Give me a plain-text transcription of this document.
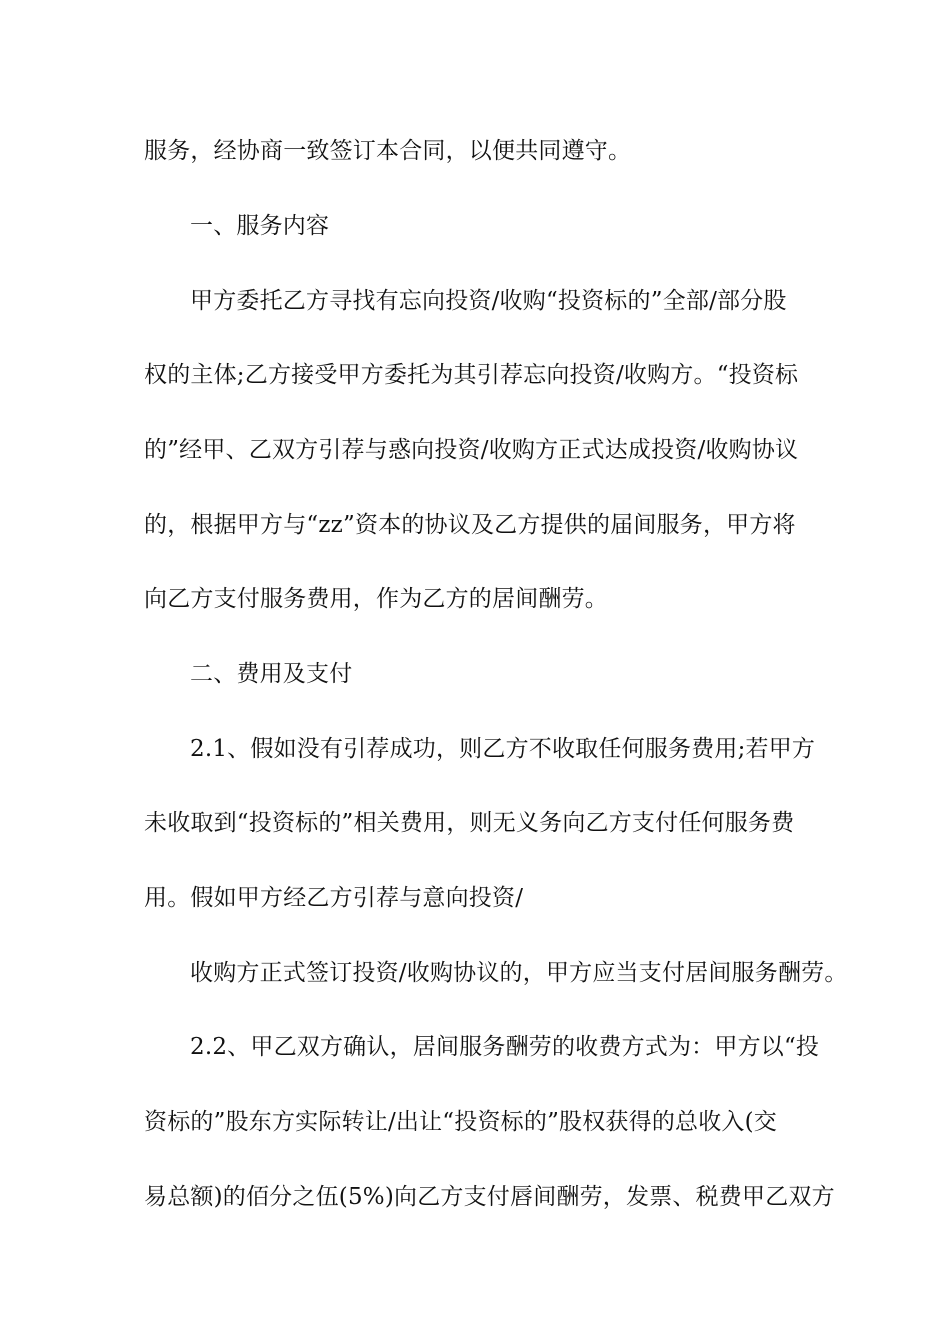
服务，经协商一致签订本合同，以便共同遵守。
一、服务内容
甲方委托乙方寻找有忘向投资/收购“投资标的”全部/部分股
权的主体;乙方接受甲方委托为其引荐忘向投资/收购方。“投资标
的”经甲、乙双方引荐与惑向投资/收购方正式达成投资/收购协议
的，根据甲方与“zz”资本的协议及乙方提供的届间服务，甲方将
向乙方支付服务费用，作为乙方的居间酬劳。
二、费用及支付
2.1、假如没有引荐成功，则乙方不收取任何服务费用;若甲方
未收取到“投资标的”相关费用，则无义务向乙方支付任何服务费
用。假如甲方经乙方引荐与意向投资/
收购方正式签订投资/收购协议的，甲方应当支付居间服务酬劳。
2.2、甲乙双方确认，居间服务酬劳的收费方式为：甲方以“投
资标的”股东方实际转让/出让“投资标的”股权获得的总收入(交
易总额)的佰分之伍(5%)向乙方支付唇间酬劳，发票、税费甲乙双方
